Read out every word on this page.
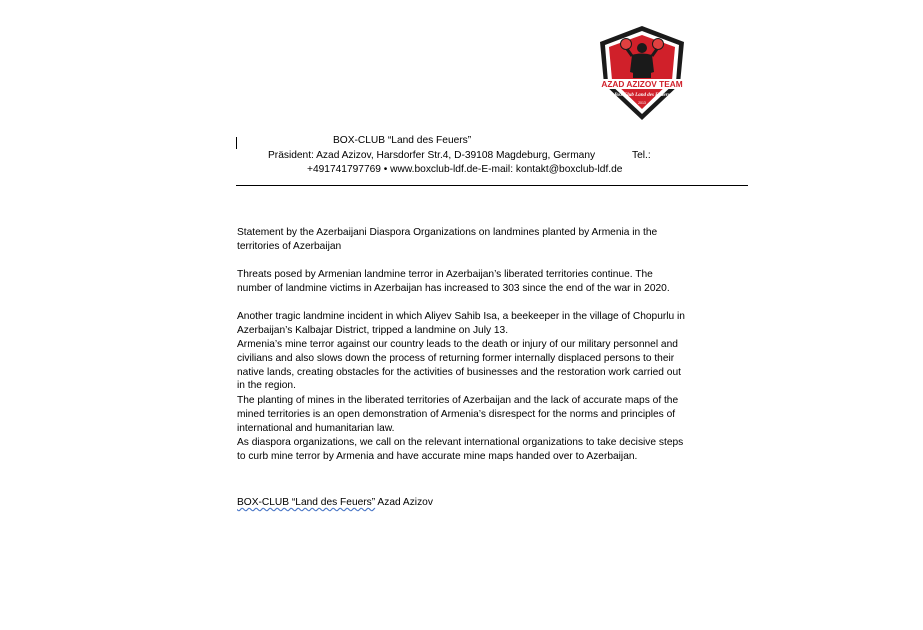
AZAD AZIZOV TEAM
Box Club Land des Feuers
2013
BOX-CLUB “Land des Feuers”
Präsident: Azad Azizov, Harsdorfer Str.4, D-39108 Magdeburg, Germany	Tel.:
+491741797769 • www.boxclub-ldf.de-E-mail: kontakt@boxclub-ldf.de
Statement by the Azerbaijani Diaspora Organizations on landmines planted by Armenia in the territories of Azerbaijan
Threats posed by Armenian landmine terror in Azerbaijan’s liberated territories continue. The number of landmine victims in Azerbaijan has increased to 303 since the end of the war in 2020.
Another tragic landmine incident in which Aliyev Sahib Isa, a beekeeper in the village of Chopurlu in Azerbaijan’s Kalbajar District, tripped a landmine on July 13.
Armenia’s mine terror against our country leads to the death or injury of our military personnel and civilians and also slows down the process of returning former internally displaced persons to their native lands, creating obstacles for the activities of businesses and the restoration work carried out in the region.
The planting of mines in the liberated territories of Azerbaijan and the lack of accurate maps of the mined territories is an open demonstration of Armenia’s disrespect for the norms and principles of international and humanitarian law.
As diaspora organizations, we call on the relevant international organizations to take decisive steps to curb mine terror by Armenia and have accurate mine maps handed over to Azerbaijan.
BOX-CLUB “Land des Feuers” Azad Azizov
